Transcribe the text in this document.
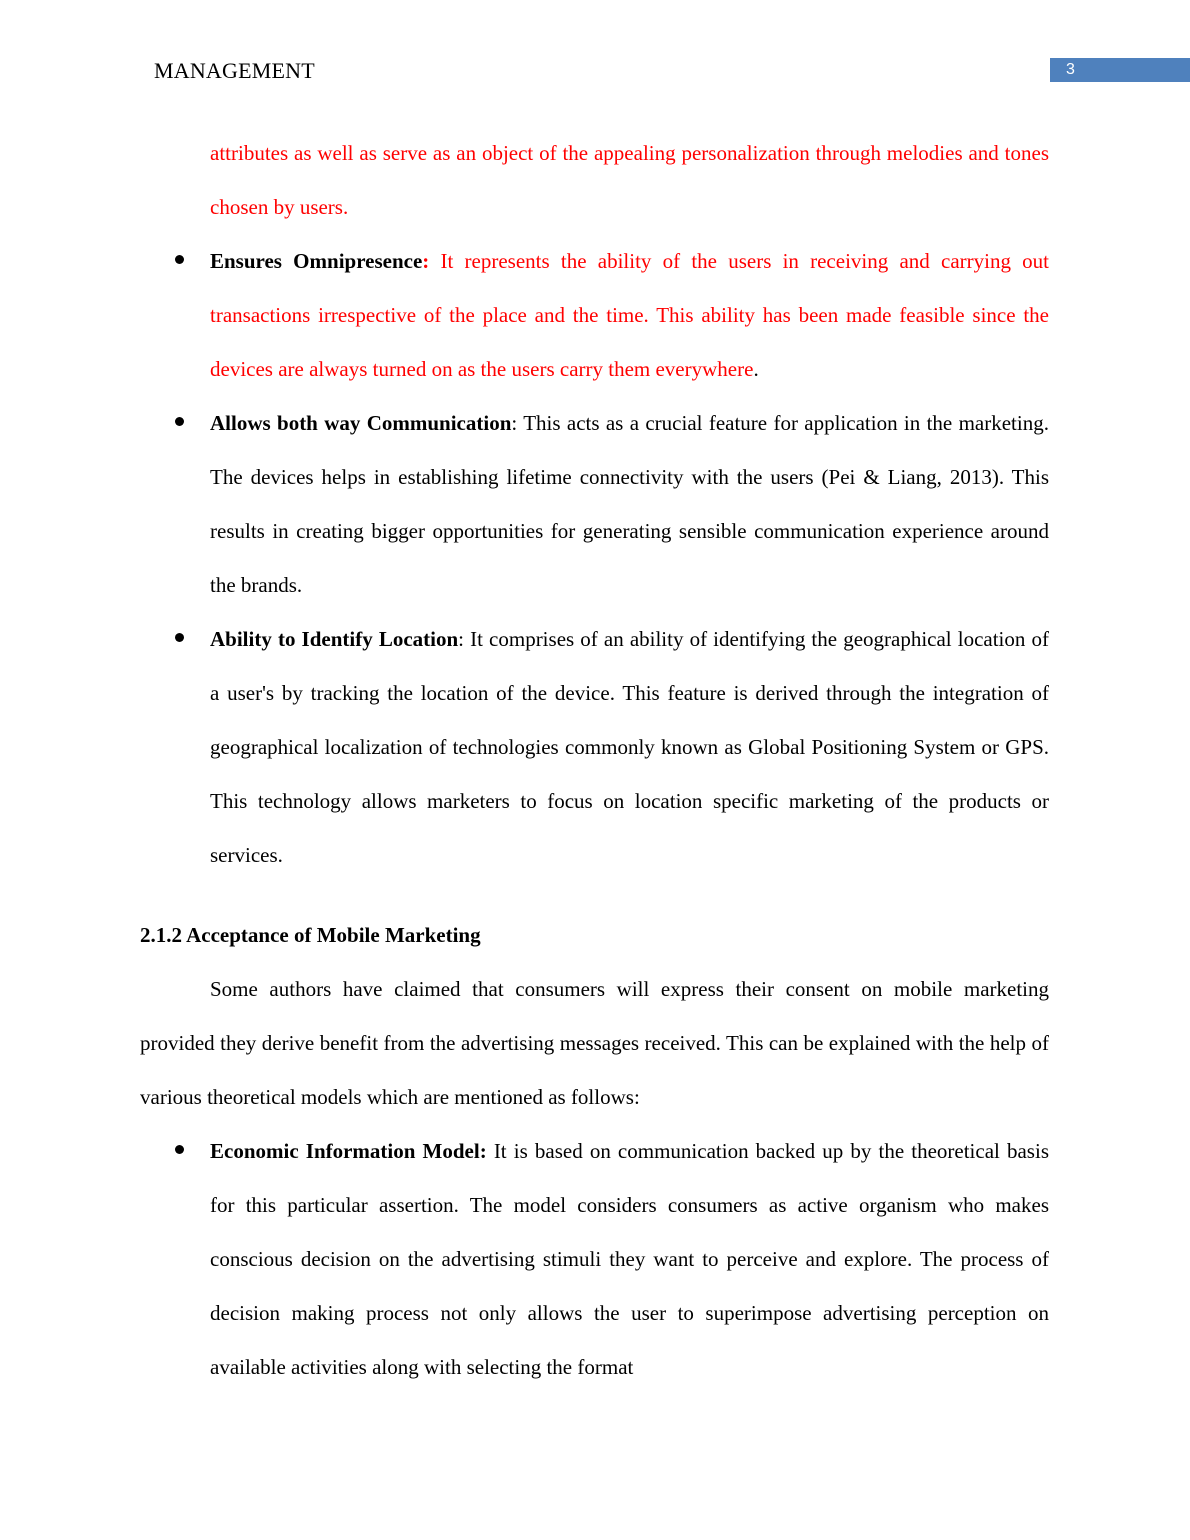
MANAGEMENT	3

attributes as well as serve as an object of the appealing personalization through melodies and tones chosen by users.

Ensures Omnipresence: It represents the ability of the users in receiving and carrying out transactions irrespective of the place and the time. This ability has been made feasible since the devices are always turned on as the users carry them everywhere.
Allows both way Communication: This acts as a crucial feature for application in the marketing. The devices helps in establishing lifetime connectivity with the users (Pei & Liang, 2013). This results in creating bigger opportunities for generating sensible communication experience around the brands.
Ability to Identify Location: It comprises of an ability of identifying the geographical location of a user's by tracking the location of the device. This feature is derived through the integration of geographical localization of technologies commonly known as Global Positioning System or GPS. This technology allows marketers to focus on location specific marketing of the products or services.
2.1.2 Acceptance of Mobile Marketing

Some authors have claimed that consumers will express their consent on mobile marketing provided they derive benefit from the advertising messages received. This can be explained with the help of various theoretical models which are mentioned as follows:

Economic Information Model: It is based on communication backed up by the theoretical basis for this particular assertion. The model considers consumers as active organism who makes conscious decision on the advertising stimuli they want to perceive and explore. The process of decision making process not only allows the user to superimpose advertising perception on available activities along with selecting the format
